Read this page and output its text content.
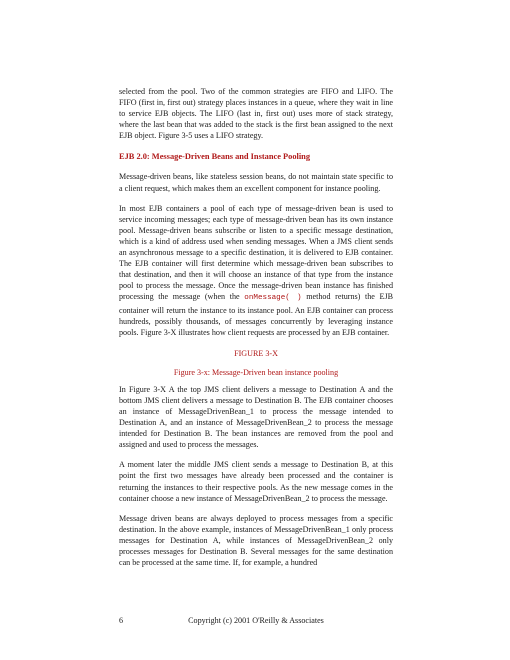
selected from the pool. Two of the common strategies are FIFO and LIFO. The FIFO (first in, first out) strategy places instances in a queue, where they wait in line to service EJB objects. The LIFO (last in, first out) uses more of stack strategy, where the last bean that was added to the stack is the first bean assigned to the next EJB object. Figure 3-5 uses a LIFO strategy.

EJB 2.0: Message-Driven Beans and Instance Pooling

Message-driven beans, like stateless session beans, do not maintain state specific to a client request, which makes them an excellent component for instance pooling.

In most EJB containers a pool of each type of message-driven bean is used to service incoming messages; each type of message-driven bean has its own instance pool. Message-driven beans subscribe or listen to a specific message destination, which is a kind of address used when sending messages. When a JMS client sends an asynchronous message to a specific destination, it is delivered to EJB container. The EJB container will first determine which message-driven bean subscribes to that destination, and then it will choose an instance of that type from the instance pool to process the message. Once the message-driven bean instance has finished processing the message (when the onMessage( ) method returns) the EJB container will return the instance to its instance pool. An EJB container can process hundreds, possibly thousands, of messages concurrently by leveraging instance pools. Figure 3-X illustrates how client requests are processed by an EJB container.

FIGURE 3-X
Figure 3-x: Message-Driven bean instance pooling

In Figure 3-X A the top JMS client delivers a message to Destination A and the bottom JMS client delivers a message to Destination B. The EJB container chooses an instance of MessageDrivenBean_1 to process the message intended to Destination A, and an instance of MessageDrivenBean_2 to process the message intended for Destination B. The bean instances are removed from the pool and assigned and used to process the messages.

A moment later the middle JMS client sends a message to Destination B, at this point the first two messages have already been processed and the container is returning the instances to their respective pools. As the new message comes in the container choose a new instance of MessageDrivenBean_2 to process the message.

Message driven beans are always deployed to process messages from a specific destination. In the above example, instances of MessageDrivenBean_1 only process messages for Destination A, while instances of MessageDrivenBean_2 only processes messages for Destination B. Several messages for the same destination can be processed at the same time. If, for example, a hundred

6	Copyright (c) 2001 O'Reilly & Associates
